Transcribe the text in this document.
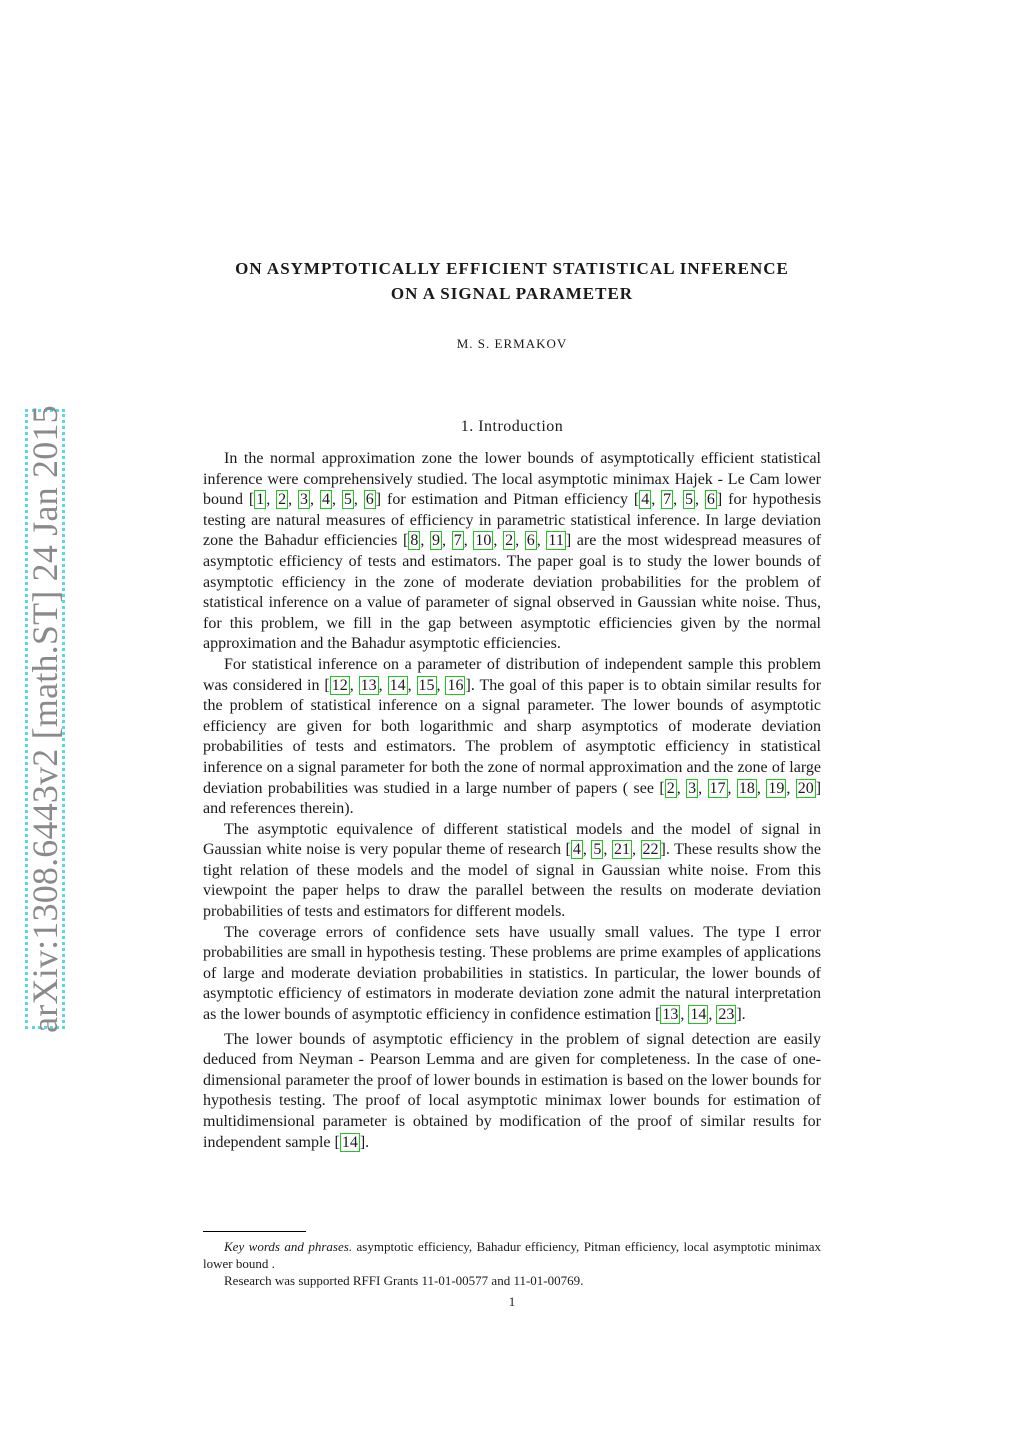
arXiv:1308.6443v2 [math.ST] 24 Jan 2015
ON ASYMPTOTICALLY EFFICIENT STATISTICAL INFERENCE
ON A SIGNAL PARAMETER
M. S. ERMAKOV
1. Introduction

In the normal approximation zone the lower bounds of asymptotically efficient statistical inference were comprehensively studied. The local asymptotic minimax Hajek - Le Cam lower bound [ 1 , 2 , 3 , 4 , 5 , 6 ] for estimation and Pitman efficiency [ 4 , 7 , 5 , 6 ] for hypothesis testing are natural measures of efficiency in parametric statistical inference. In large deviation zone the Bahadur efficiencies [ 8 , 9 , 7 , 10 , 2 , 6 , 11 ] are the most widespread measures of asymptotic efficiency of tests and estimators. The paper goal is to study the lower bounds of asymptotic efficiency in the zone of moderate deviation probabilities for the problem of statistical inference on a value of parameter of signal observed in Gaussian white noise. Thus, for this problem, we fill in the gap between asymptotic efficiencies given by the normal approximation and the Bahadur asymptotic efficiencies.

For statistical inference on a parameter of distribution of independent sample this problem was considered in [ 12 , 13 , 14 , 15 , 16 ]. The goal of this paper is to obtain similar results for the problem of statistical inference on a signal parameter. The lower bounds of asymptotic efficiency are given for both logarithmic and sharp asymptotics of moderate deviation probabilities of tests and estimators. The problem of asymptotic efficiency in statistical inference on a signal parameter for both the zone of normal approximation and the zone of large deviation probabilities was studied in a large number of papers ( see [ 2 , 3 , 17 , 18 , 19 , 20 ] and references therein).

The asymptotic equivalence of different statistical models and the model of signal in Gaussian white noise is very popular theme of research [ 4 , 5 , 21 , 22 ]. These results show the tight relation of these models and the model of signal in Gaussian white noise. From this viewpoint the paper helps to draw the parallel between the results on moderate deviation probabilities of tests and estimators for different models.

The coverage errors of confidence sets have usually small values. The type I error probabilities are small in hypothesis testing. These problems are prime examples of applications of large and moderate deviation probabilities in statistics. In particular, the lower bounds of asymptotic efficiency of estimators in moderate deviation zone admit the natural interpretation as the lower bounds of asymptotic efficiency in confidence estimation [ 13 , 14 , 23 ].

The lower bounds of asymptotic efficiency in the problem of signal detection are easily deduced from Neyman - Pearson Lemma and are given for completeness. In the case of one-dimensional parameter the proof of lower bounds in estimation is based on the lower bounds for hypothesis testing. The proof of local asymptotic minimax lower bounds for estimation of multidimensional parameter is obtained by modification of the proof of similar results for independent sample [ 14 ].

Key words and phrases. asymptotic efficiency, Bahadur efficiency, Pitman efficiency, local asymptotic minimax lower bound .

Research was supported RFFI Grants 11-01-00577 and 11-01-00769.

1
